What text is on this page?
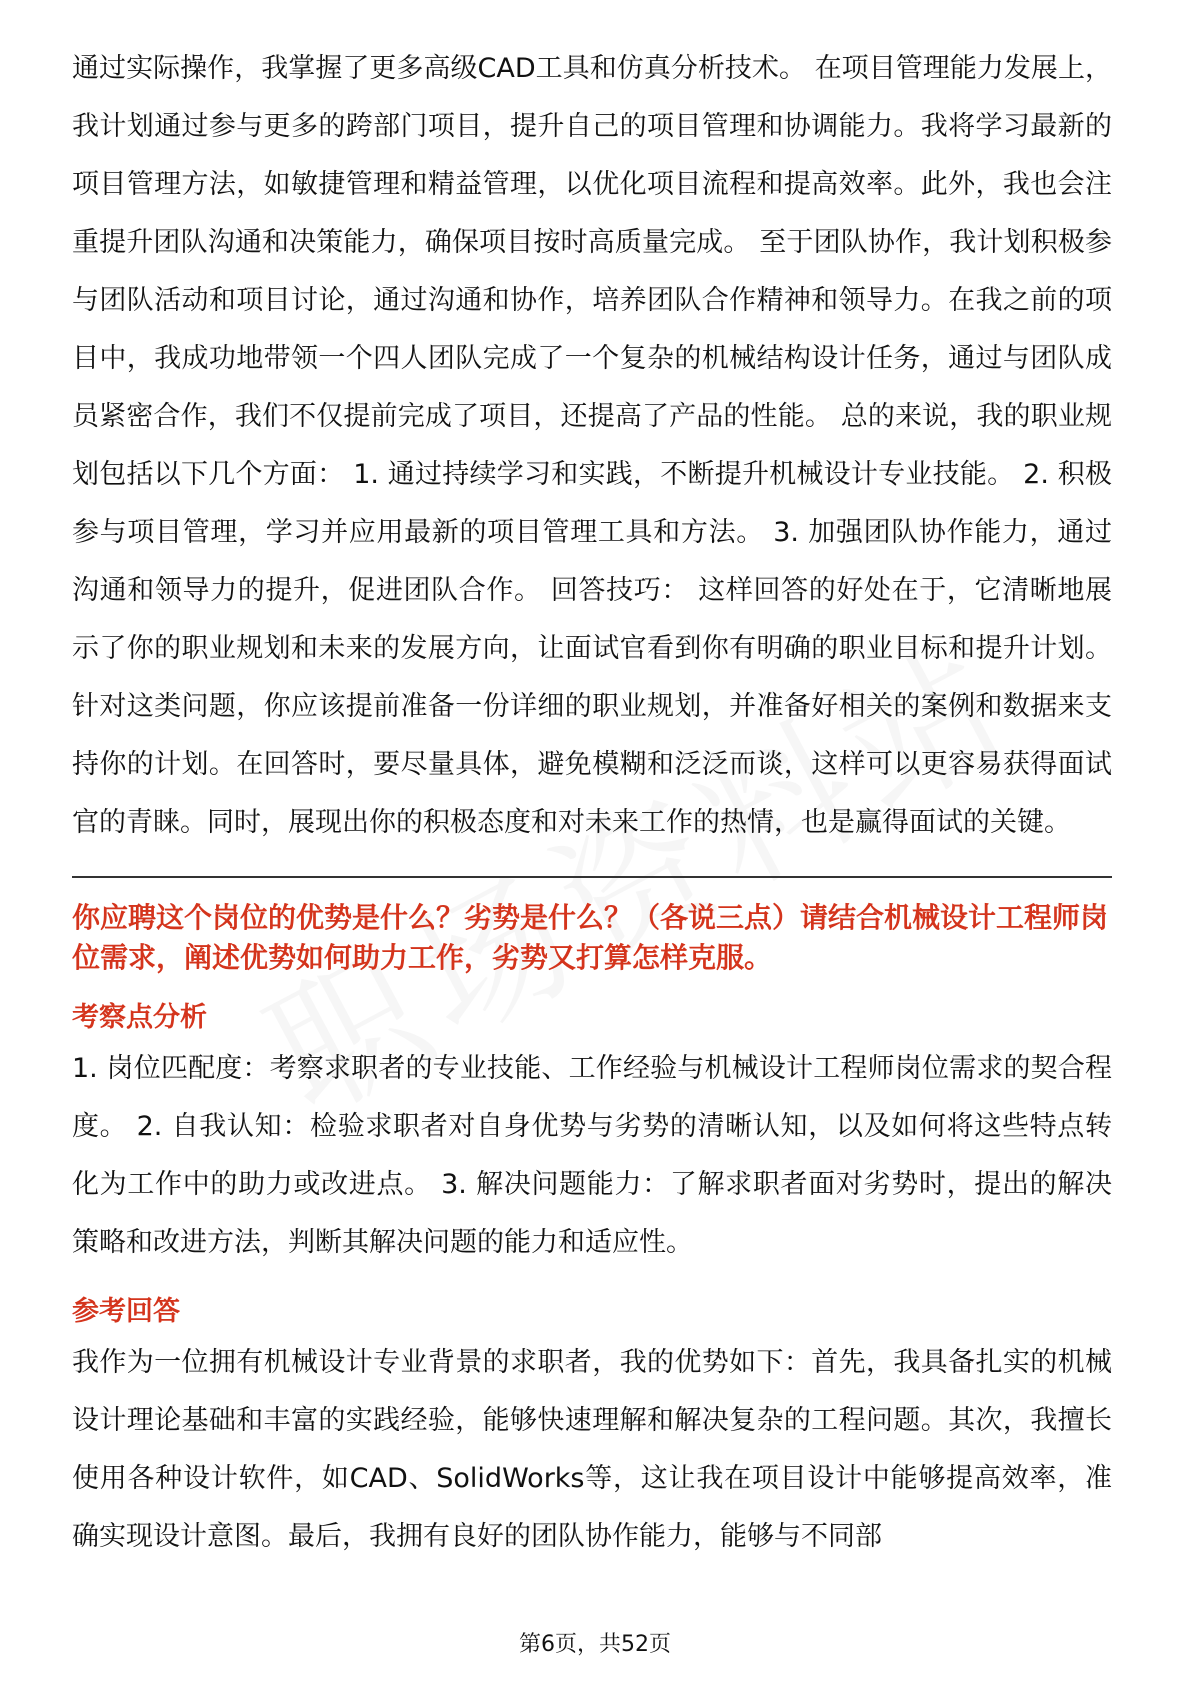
通过实际操作，我掌握了更多高级CAD工具和仿真分析技术。 在项目管理能力发展上，我计划通过参与更多的跨部门项目，提升自己的项目管理和协调能力。我将学习最新的项目管理方法，如敏捷管理和精益管理，以优化项目流程和提高效率。此外，我也会注重提升团队沟通和决策能力，确保项目按时高质量完成。 至于团队协作，我计划积极参与团队活动和项目讨论，通过沟通和协作，培养团队合作精神和领导力。在我之前的项目中，我成功地带领一个四人团队完成了一个复杂的机械结构设计任务，通过与团队成员紧密合作，我们不仅提前完成了项目，还提高了产品的性能。 总的来说，我的职业规划包括以下几个方面： 1. 通过持续学习和实践，不断提升机械设计专业技能。 2. 积极参与项目管理，学习并应用最新的项目管理工具和方法。 3. 加强团队协作能力，通过沟通和领导力的提升，促进团队合作。 回答技巧： 这样回答的好处在于，它清晰地展示了你的职业规划和未来的发展方向，让面试官看到你有明确的职业目标和提升计划。针对这类问题，你应该提前准备一份详细的职业规划，并准备好相关的案例和数据来支持你的计划。在回答时，要尽量具体，避免模糊和泛泛而谈，这样可以更容易获得面试官的青睐。同时，展现出你的积极态度和对未来工作的热情，也是赢得面试的关键。

你应聘这个岗位的优势是什么？劣势是什么？（各说三点）请结合机械设计工程师岗位需求，阐述优势如何助力工作，劣势又打算怎样克服。

考察点分析

1. 岗位匹配度：考察求职者的专业技能、工作经验与机械设计工程师岗位需求的契合程度。 2. 自我认知：检验求职者对自身优势与劣势的清晰认知，以及如何将这些特点转化为工作中的助力或改进点。 3. 解决问题能力：了解求职者面对劣势时，提出的解决策略和改进方法，判断其解决问题的能力和适应性。

参考回答

我作为一位拥有机械设计专业背景的求职者，我的优势如下：首先，我具备扎实的机械设计理论基础和丰富的实践经验，能够快速理解和解决复杂的工程问题。其次，我擅长使用各种设计软件，如CAD、SolidWorks等，这让我在项目设计中能够提高效率，准确实现设计意图。最后，我拥有良好的团队协作能力，能够与不同部

第6页，共52页
